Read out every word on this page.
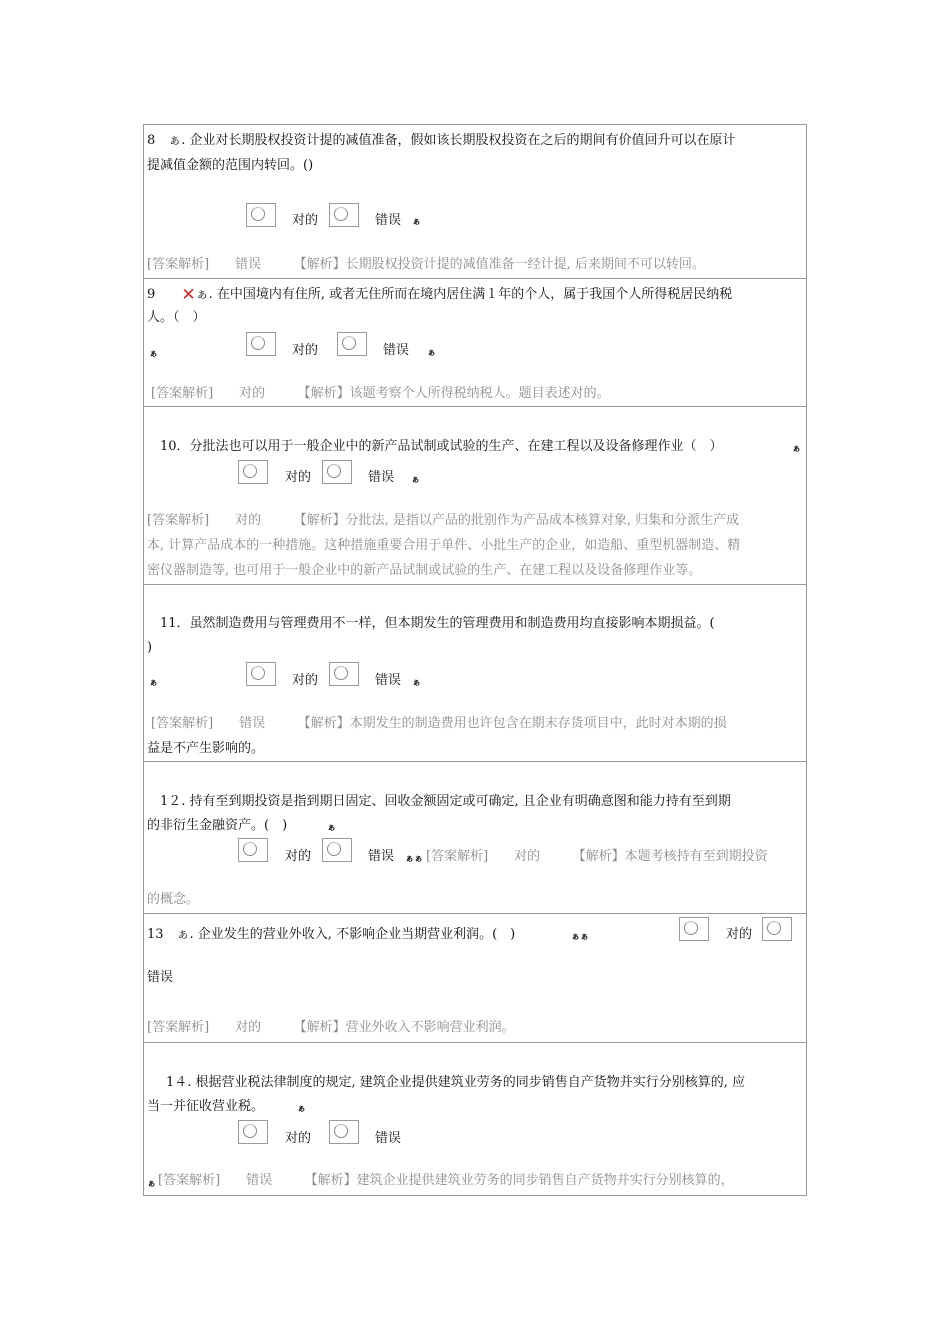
8　ぁ. 企业对长期股权投资计提的减值准备，假如该长期股权投资在之后的期间有价值回升可以在原计
提减值金额的范围内转回。()
对的	错误 ぁ
[答案解析]　　错误　　　【解析】长期股权投资计提的减值准备一经计提, 后来期间不可以转回。
9 ✕ぁ. 在中国境内有住所, 或者无住所而在境内居住满１年的个人，属于我国个人所得税居民纳税
人。（　）
ぁ	对的	错误 ぁ
[答案解析]　　对的　　　【解析】该题考察个人所得税纳税人。题目表述对的。
10．分批法也可以用于一般企业中的新产品试制或试验的生产、在建工程以及设备修理作业（　）	ぁ
对的	错误 ぁ
[答案解析]　　对的　　　【解析】分批法, 是指以产品的批别作为产品成本核算对象, 归集和分派生产成
本, 计算产品成本的一种措施。这种措施重要合用于单件、小批生产的企业，如造船、重型机器制造、精
密仪器制造等, 也可用于一般企业中的新产品试制或试验的生产、在建工程以及设备修理作业等。
11．虽然制造费用与管理费用不一样，但本期发生的管理费用和制造费用均直接影响本期损益。(
)
ぁ	对的	错误 ぁ
[答案解析]　　错误　　　【解析】本期发生的制造费用也许包含在期末存货项目中，此时对本期的损
益是不产生影响的。
1２. 持有至到期投资是指到期日固定、回收金额固定或可确定, 且企业有明确意图和能力持有至到期
的非衍生金融资产。(　)	ぁ
对的	错误 ぁぁ [答案解析]　　对的　　　【解析】本题考核持有至到期投资
的概念。
13　ぁ. 企业发生的营业外收入, 不影响企业当期营业利润。(　)	ぁぁ	对的
错误
[答案解析]　　对的　　　【解析】营业外收入不影响营业利润。
1４. 根据营业税法律制度的规定, 建筑企业提供建筑业劳务的同步销售自产货物并实行分别核算的, 应
当一并征收营业税。	ぁ
对的	错误
ぁ [答案解析]　　错误　　　【解析】建筑企业提供建筑业劳务的同步销售自产货物并实行分别核算的，
